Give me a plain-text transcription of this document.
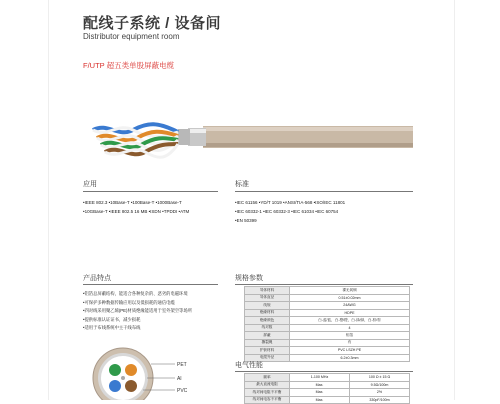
配线子系统 / 设备间
Distributor equipment room
F/UTP 超五类单股屏蔽电缆
应用
•IEEE 802.3 •10Base-T •100Base-T •1000Base-T
•10GBase-T •IEEE 802.5 16 MB •ISDN •TPDDI •ATM
标准
•IEC 61156 •YD/T 1019 •ANSI/TIA-568 •ISO/IEC 11801
•IEC 60332-1 •IEC 60332-3 •IEC 61034 •IEC 60754
•EN 50399
产品特点
•铝箔总屏蔽结构，能适合各种复杂的、恶劣的电磁环境
•可保护多种数据传输应用以及低损耗的通信电缆
•四对线采用聚乙烯(PE)材质绝缘能适用于室外架空等场所
•提供标准认证证书，减少损耗
•适用于布线系统中主干线布线
PET
Al
PVC
规格参数
导体材料	裸无氧铜
导体直径	0.51±0.02mm
线规	24AWG
绝缘材料	HDPE
绝缘颜色	白-蓝/蓝，白-橙/橙，白-绿/绿，白-棕/棕
线对数	4
屏蔽	铝箔
撕裂绳	有
护套材料	PVC LSZH PE
电缆外径	6.2±0.3mm
电气性能
频率	1-100 MHz	100 Ω ± 15 Ω
最大直流电阻	Max.	9.5Ω/100m
线对间电阻不平衡	Max.	2%
线对间电容不平衡	Max.	330pF/100m
